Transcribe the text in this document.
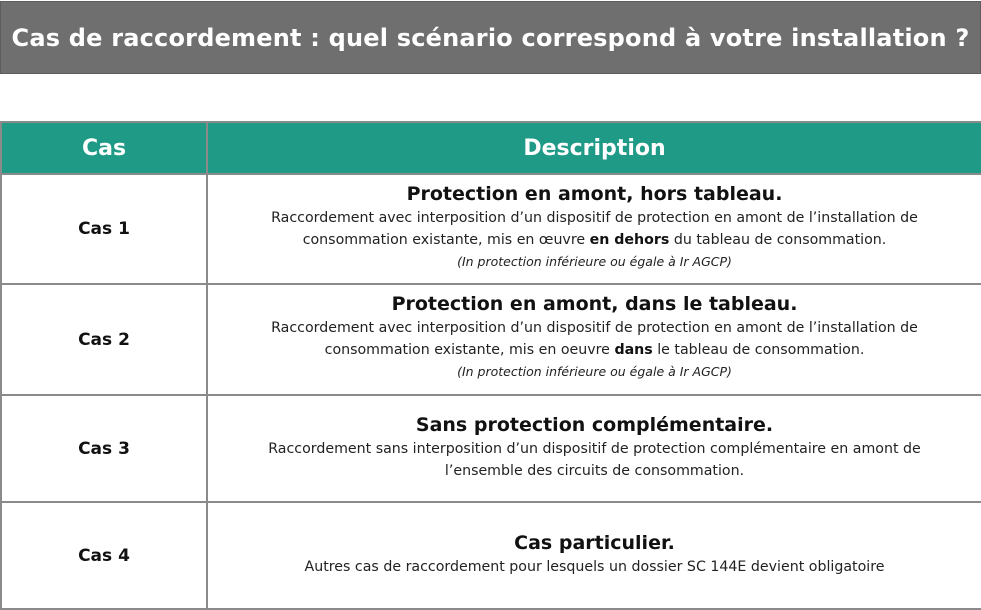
Cas de raccordement : quel scénario correspond à votre installation ?
Cas	Description
Cas 1	Protection en amont, hors tableau.
Raccordement avec interposition d’un dispositif de protection en amont de l’installation de consommation existante, mis en œuvre en dehors du tableau de consommation.
(In protection inférieure ou égale à Ir AGCP)

Cas 2	Protection en amont, dans le tableau.
Raccordement avec interposition d’un dispositif de protection en amont de l’installation de consommation existante, mis en oeuvre dans le tableau de consommation.
(In protection inférieure ou égale à Ir AGCP)

Cas 3	Sans protection complémentaire.
Raccordement sans interposition d’un dispositif de protection complémentaire en amont de l’ensemble des circuits de consommation.

Cas 4	Cas particulier.
Autres cas de raccordement pour lesquels un dossier SC 144E devient obligatoire
